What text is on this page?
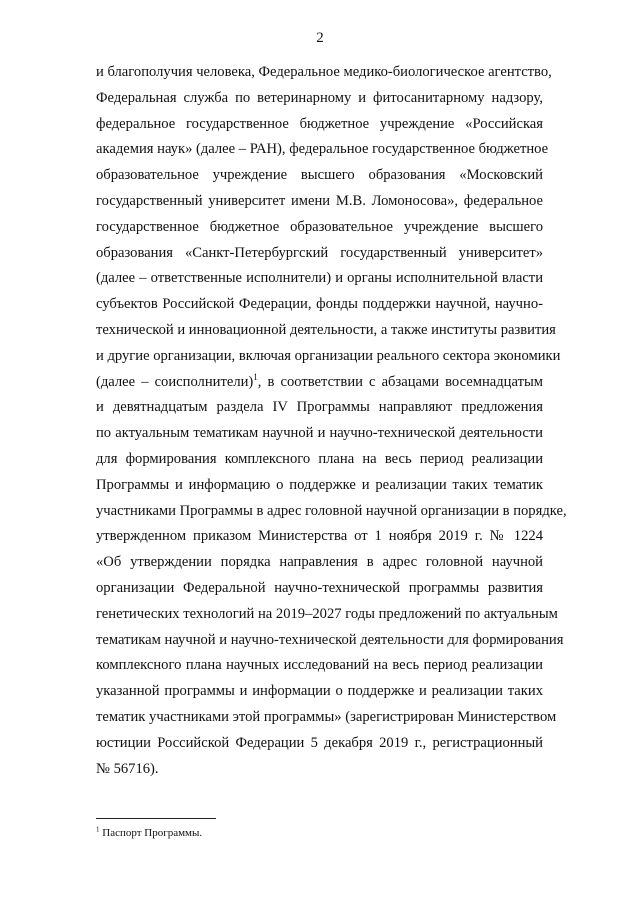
2
и благополучия человека, Федеральное медико-биологическое агентство,
Федеральная служба по ветеринарному и фитосанитарному надзору,
федеральное государственное бюджетное учреждение «Российская
академия наук» (далее – РАН), федеральное государственное бюджетное
образовательное учреждение высшего образования «Московский
государственный университет имени М.В. Ломоносова», федеральное
государственное бюджетное образовательное учреждение высшего
образования «Санкт-Петербургский государственный университет»
(далее – ответственные исполнители) и органы исполнительной власти
субъектов Российской Федерации, фонды поддержки научной, научно-
технической и инновационной деятельности, а также институты развития
и другие организации, включая организации реального сектора экономики
(далее – соисполнители)$^1$, в соответствии с абзацами восемнадцатым
и девятнадцатым раздела IV Программы направляют предложения
по актуальным тематикам научной и научно-технической деятельности
для формирования комплексного плана на весь период реализации
Программы и информацию о поддержке и реализации таких тематик
участниками Программы в адрес головной научной организации в порядке,
утвержденном приказом Министерства от 1 ноября 2019 г. № 1224
«Об утверждении порядка направления в адрес головной научной
организации Федеральной научно-технической программы развития
генетических технологий на 2019–2027 годы предложений по актуальным
тематикам научной и научно-технической деятельности для формирования
комплексного плана научных исследований на весь период реализации
указанной программы и информации о поддержке и реализации таких
тематик участниками этой программы» (зарегистрирован Министерством
юстиции Российской Федерации 5 декабря 2019 г., регистрационный
№ 56716).
$^1$ Паспорт Программы.
